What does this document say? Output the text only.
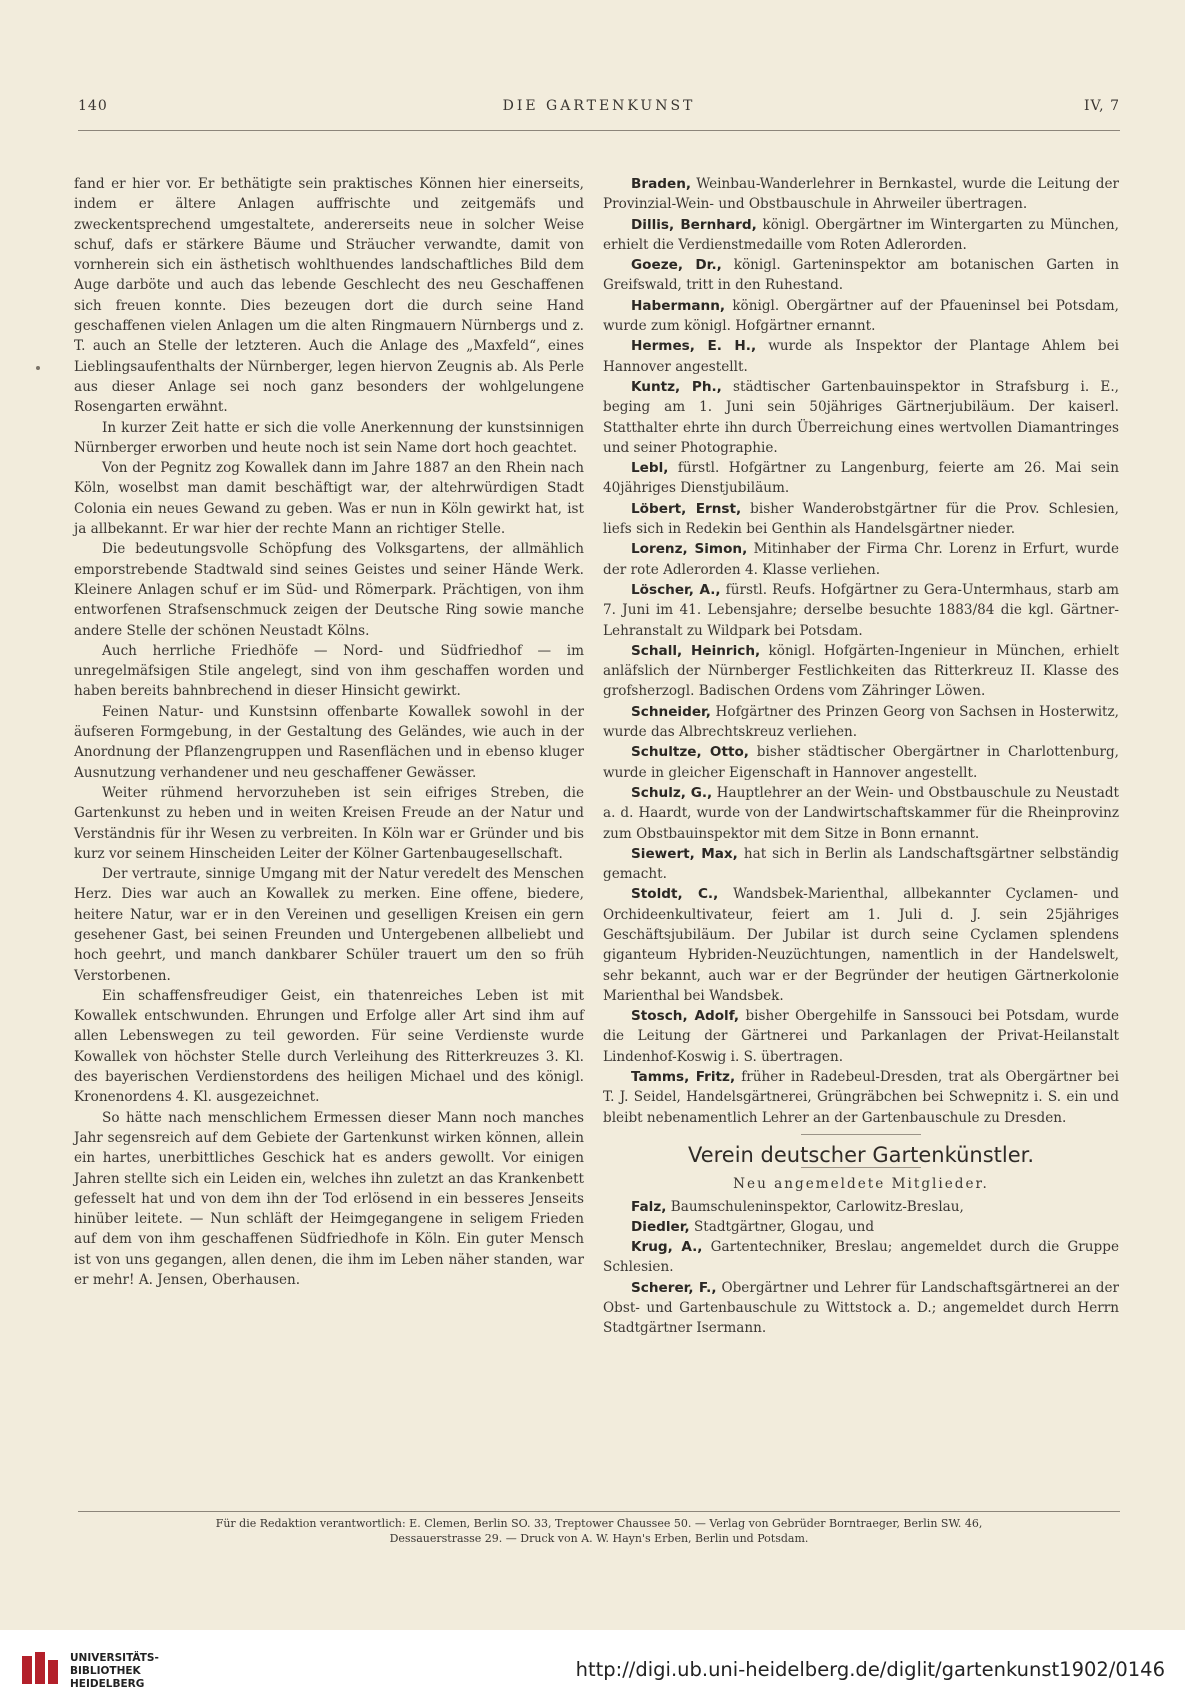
140	DIE GARTENKUNST	IV, 7

fand er hier vor. Er bethätigte sein praktisches Können hier einerseits, indem er ältere Anlagen auffrischte und zeitgemäfs und zweckentsprechend umgestaltete, andererseits neue in solcher Weise schuf, dafs er stärkere Bäume und Sträucher verwandte, damit von vornherein sich ein ästhetisch wohlthuendes landschaftliches Bild dem Auge darböte und auch das lebende Geschlecht des neu Geschaffenen sich freuen konnte. Dies bezeugen dort die durch seine Hand geschaffenen vielen Anlagen um die alten Ringmauern Nürnbergs und z. T. auch an Stelle der letzteren. Auch die Anlage des „Maxfeld“, eines Lieblingsaufenthalts der Nürnberger, legen hiervon Zeugnis ab. Als Perle aus dieser Anlage sei noch ganz besonders der wohlgelungene Rosengarten erwähnt.

In kurzer Zeit hatte er sich die volle Anerkennung der kunstsinnigen Nürnberger erworben und heute noch ist sein Name dort hoch geachtet.

Von der Pegnitz zog Kowallek dann im Jahre 1887 an den Rhein nach Köln, woselbst man damit beschäftigt war, der altehrwürdigen Stadt Colonia ein neues Gewand zu geben. Was er nun in Köln gewirkt hat, ist ja allbekannt. Er war hier der rechte Mann an richtiger Stelle.

Die bedeutungsvolle Schöpfung des Volksgartens, der allmählich emporstrebende Stadtwald sind seines Geistes und seiner Hände Werk. Kleinere Anlagen schuf er im Süd- und Römerpark. Prächtigen, von ihm entworfenen Strafsenschmuck zeigen der Deutsche Ring sowie manche andere Stelle der schönen Neustadt Kölns.

Auch herrliche Friedhöfe — Nord- und Südfriedhof — im unregelmäfsigen Stile angelegt, sind von ihm geschaffen worden und haben bereits bahnbrechend in dieser Hinsicht gewirkt.

Feinen Natur- und Kunstsinn offenbarte Kowallek sowohl in der äufseren Formgebung, in der Gestaltung des Geländes, wie auch in der Anordnung der Pflanzengruppen und Rasenflächen und in ebenso kluger Ausnutzung verhandener und neu geschaffener Gewässer.

Weiter rühmend hervorzuheben ist sein eifriges Streben, die Gartenkunst zu heben und in weiten Kreisen Freude an der Natur und Verständnis für ihr Wesen zu verbreiten. In Köln war er Gründer und bis kurz vor seinem Hinscheiden Leiter der Kölner Gartenbaugesellschaft.

Der vertraute, sinnige Umgang mit der Natur veredelt des Menschen Herz. Dies war auch an Kowallek zu merken. Eine offene, biedere, heitere Natur, war er in den Vereinen und geselligen Kreisen ein gern gesehener Gast, bei seinen Freunden und Untergebenen allbeliebt und hoch geehrt, und manch dankbarer Schüler trauert um den so früh Verstorbenen.

Ein schaffensfreudiger Geist, ein thatenreiches Leben ist mit Kowallek entschwunden. Ehrungen und Erfolge aller Art sind ihm auf allen Lebenswegen zu teil geworden. Für seine Verdienste wurde Kowallek von höchster Stelle durch Verleihung des Ritterkreuzes 3. Kl. des bayerischen Verdienstordens des heiligen Michael und des königl. Kronenordens 4. Kl. ausgezeichnet.

So hätte nach menschlichem Ermessen dieser Mann noch manches Jahr segensreich auf dem Gebiete der Gartenkunst wirken können, allein ein hartes, unerbittliches Geschick hat es anders gewollt. Vor einigen Jahren stellte sich ein Leiden ein, welches ihn zuletzt an das Krankenbett gefesselt hat und von dem ihn der Tod erlösend in ein besseres Jenseits hinüber leitete. — Nun schläft der Heimgegangene in seligem Frieden auf dem von ihm geschaffenen Südfriedhofe in Köln. Ein guter Mensch ist von uns gegangen, allen denen, die ihm im Leben näher standen, war er mehr! A. Jensen, Oberhausen.

Braden, Weinbau-Wanderlehrer in Bernkastel, wurde die Leitung der Provinzial-Wein- und Obstbauschule in Ahrweiler übertragen.

Dillis, Bernhard, königl. Obergärtner im Wintergarten zu München, erhielt die Verdienstmedaille vom Roten Adlerorden.

Goeze, Dr., königl. Garteninspektor am botanischen Garten in Greifswald, tritt in den Ruhestand.

Habermann, königl. Obergärtner auf der Pfaueninsel bei Potsdam, wurde zum königl. Hofgärtner ernannt.

Hermes, E. H., wurde als Inspektor der Plantage Ahlem bei Hannover angestellt.

Kuntz, Ph., städtischer Gartenbauinspektor in Strafsburg i. E., beging am 1. Juni sein 50jähriges Gärtnerjubiläum. Der kaiserl. Statthalter ehrte ihn durch Überreichung eines wertvollen Diamantringes und seiner Photographie.

Lebl, fürstl. Hofgärtner zu Langenburg, feierte am 26. Mai sein 40jähriges Dienstjubiläum.

Löbert, Ernst, bisher Wanderobstgärtner für die Prov. Schlesien, liefs sich in Redekin bei Genthin als Handelsgärtner nieder.

Lorenz, Simon, Mitinhaber der Firma Chr. Lorenz in Erfurt, wurde der rote Adlerorden 4. Klasse verliehen.

Löscher, A., fürstl. Reufs. Hofgärtner zu Gera-Untermhaus, starb am 7. Juni im 41. Lebensjahre; derselbe besuchte 1883/84 die kgl. Gärtner-Lehranstalt zu Wildpark bei Potsdam.

Schall, Heinrich, königl. Hofgärten-Ingenieur in München, erhielt anläfslich der Nürnberger Festlichkeiten das Ritterkreuz II. Klasse des grofsherzogl. Badischen Ordens vom Zähringer Löwen.

Schneider, Hofgärtner des Prinzen Georg von Sachsen in Hosterwitz, wurde das Albrechtskreuz verliehen.

Schultze, Otto, bisher städtischer Obergärtner in Charlottenburg, wurde in gleicher Eigenschaft in Hannover angestellt.

Schulz, G., Hauptlehrer an der Wein- und Obstbauschule zu Neustadt a. d. Haardt, wurde von der Landwirtschaftskammer für die Rheinprovinz zum Obstbauinspektor mit dem Sitze in Bonn ernannt.

Siewert, Max, hat sich in Berlin als Landschaftsgärtner selbständig gemacht.

Stoldt, C., Wandsbek-Marienthal, allbekannter Cyclamen- und Orchideenkultivateur, feiert am 1. Juli d. J. sein 25jähriges Geschäftsjubiläum. Der Jubilar ist durch seine Cyclamen splendens giganteum Hybriden-Neuzüchtungen, namentlich in der Handelswelt, sehr bekannt, auch war er der Begründer der heutigen Gärtnerkolonie Marienthal bei Wandsbek.

Stosch, Adolf, bisher Obergehilfe in Sanssouci bei Potsdam, wurde die Leitung der Gärtnerei und Parkanlagen der Privat-Heilanstalt Lindenhof-Koswig i. S. übertragen.

Tamms, Fritz, früher in Radebeul-Dresden, trat als Obergärtner bei T. J. Seidel, Handelsgärtnerei, Grüngräbchen bei Schwepnitz i. S. ein und bleibt nebenamentlich Lehrer an der Gartenbauschule zu Dresden.

Verein deutscher Gartenkünstler.

Neu angemeldete Mitglieder.

Falz, Baumschuleninspektor, Carlowitz-Breslau,

Diedler, Stadtgärtner, Glogau, und

Krug, A., Gartentechniker, Breslau; angemeldet durch die Gruppe Schlesien.

Scherer, F., Obergärtner und Lehrer für Landschaftsgärtnerei an der Obst- und Gartenbauschule zu Wittstock a. D.; angemeldet durch Herrn Stadtgärtner Isermann.

Für die Redaktion verantwortlich: E. Clemen, Berlin SO. 33, Treptower Chaussee 50. — Verlag von Gebrüder Borntraeger, Berlin SW. 46,
Dessauerstrasse 29. — Druck von A. W. Hayn's Erben, Berlin und Potsdam.
UNIVERSITÄTS-
BIBLIOTHEK
HEIDELBERG
http://digi.ub.uni-heidelberg.de/diglit/gartenkunst1902/0146
